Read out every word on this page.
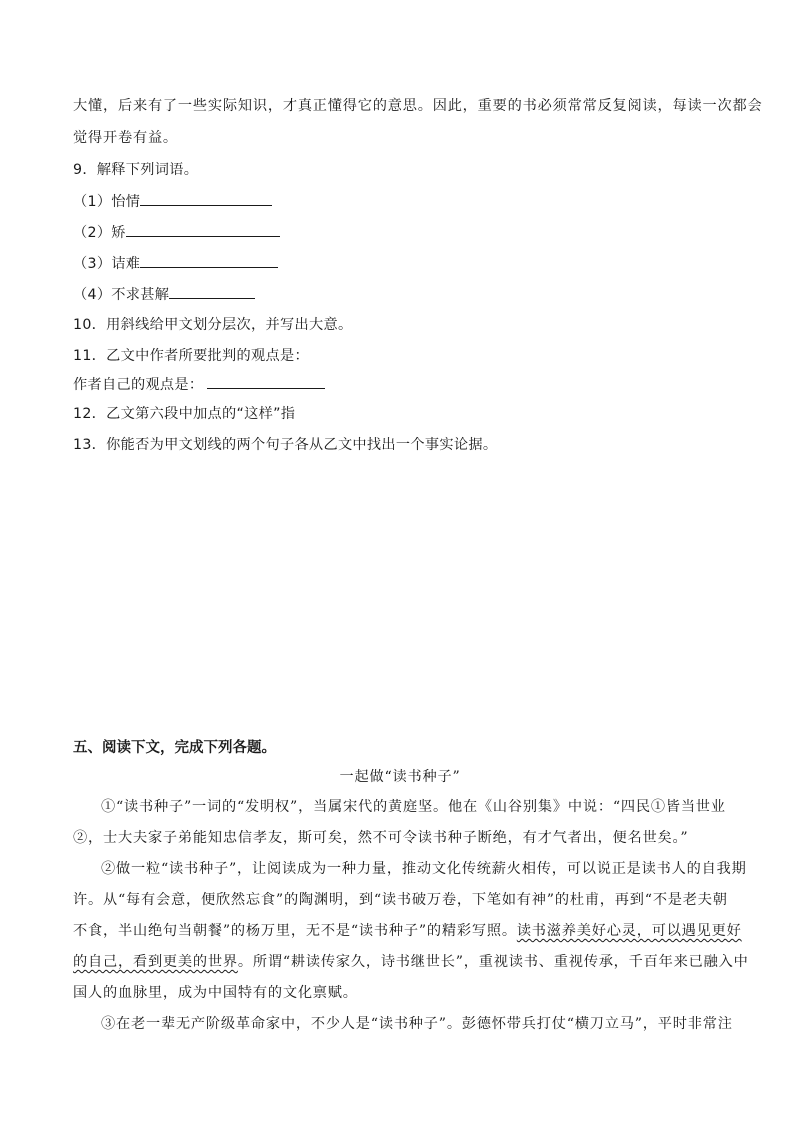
大懂，后来有了一些实际知识，才真正懂得它的意思。因此，重要的书必须常常反复阅读，每读一次都会
觉得开卷有益。
9．解释下列词语。
（1）怡情
（2）矫
（3）诘难
（4）不求甚解
10．用斜线给甲文划分层次，并写出大意。
11．乙文中作者所要批判的观点是：
作者自己的观点是：
12．乙文第六段中加点的“这样”指
13．你能否为甲文划线的两个句子各从乙文中找出一个事实论据。
五、阅读下文，完成下列各题。
一起做“读书种子”
①“读书种子”一词的“发明权”，当属宋代的黄庭坚。他在《山谷别集》中说：“四民①皆当世业
②，士大夫家子弟能知忠信孝友，斯可矣，然不可令读书种子断绝，有才气者出，便名世矣。”
②做一粒“读书种子”，让阅读成为一种力量，推动文化传统薪火相传，可以说正是读书人的自我期
许。从“每有会意，便欣然忘食”的陶渊明，到“读书破万卷，下笔如有神”的杜甫，再到“不是老夫朝
不食，半山绝句当朝餐”的杨万里，无不是“读书种子”的精彩写照。读书滋养美好心灵，可以遇见更好
的自己，看到更美的世界。所谓“耕读传家久，诗书继世长”，重视读书、重视传承，千百年来已融入中
国人的血脉里，成为中国特有的文化禀赋。
③在老一辈无产阶级革命家中，不少人是“读书种子”。彭德怀带兵打仗“横刀立马”，平时非常注
